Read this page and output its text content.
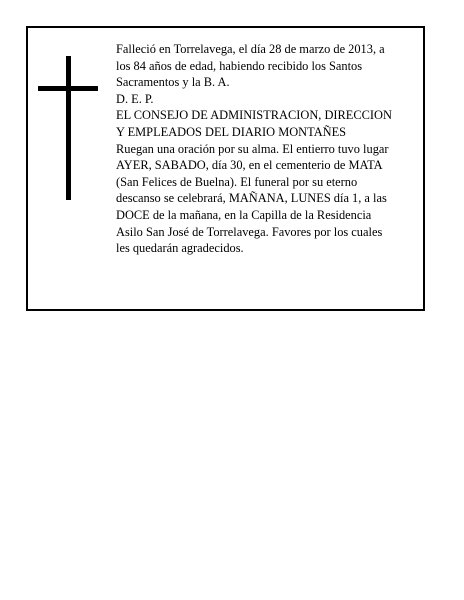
Falleció en Torrelavega, el día 28 de marzo de 2013, a
los 84 años de edad, habiendo recibido los Santos
Sacramentos y la B. A.
D. E. P.
EL CONSEJO DE ADMINISTRACION, DIRECCION
Y EMPLEADOS DEL DIARIO MONTAÑES
Ruegan una oración por su alma. El entierro tuvo lugar
AYER, SABADO, día 30, en el cementerio de MATA
(San Felices de Buelna). El funeral por su eterno
descanso se celebrará, MAÑANA, LUNES día 1, a las
DOCE de la mañana, en la Capilla de la Residencia
Asilo San José de Torrelavega. Favores por los cuales
les quedarán agradecidos.
